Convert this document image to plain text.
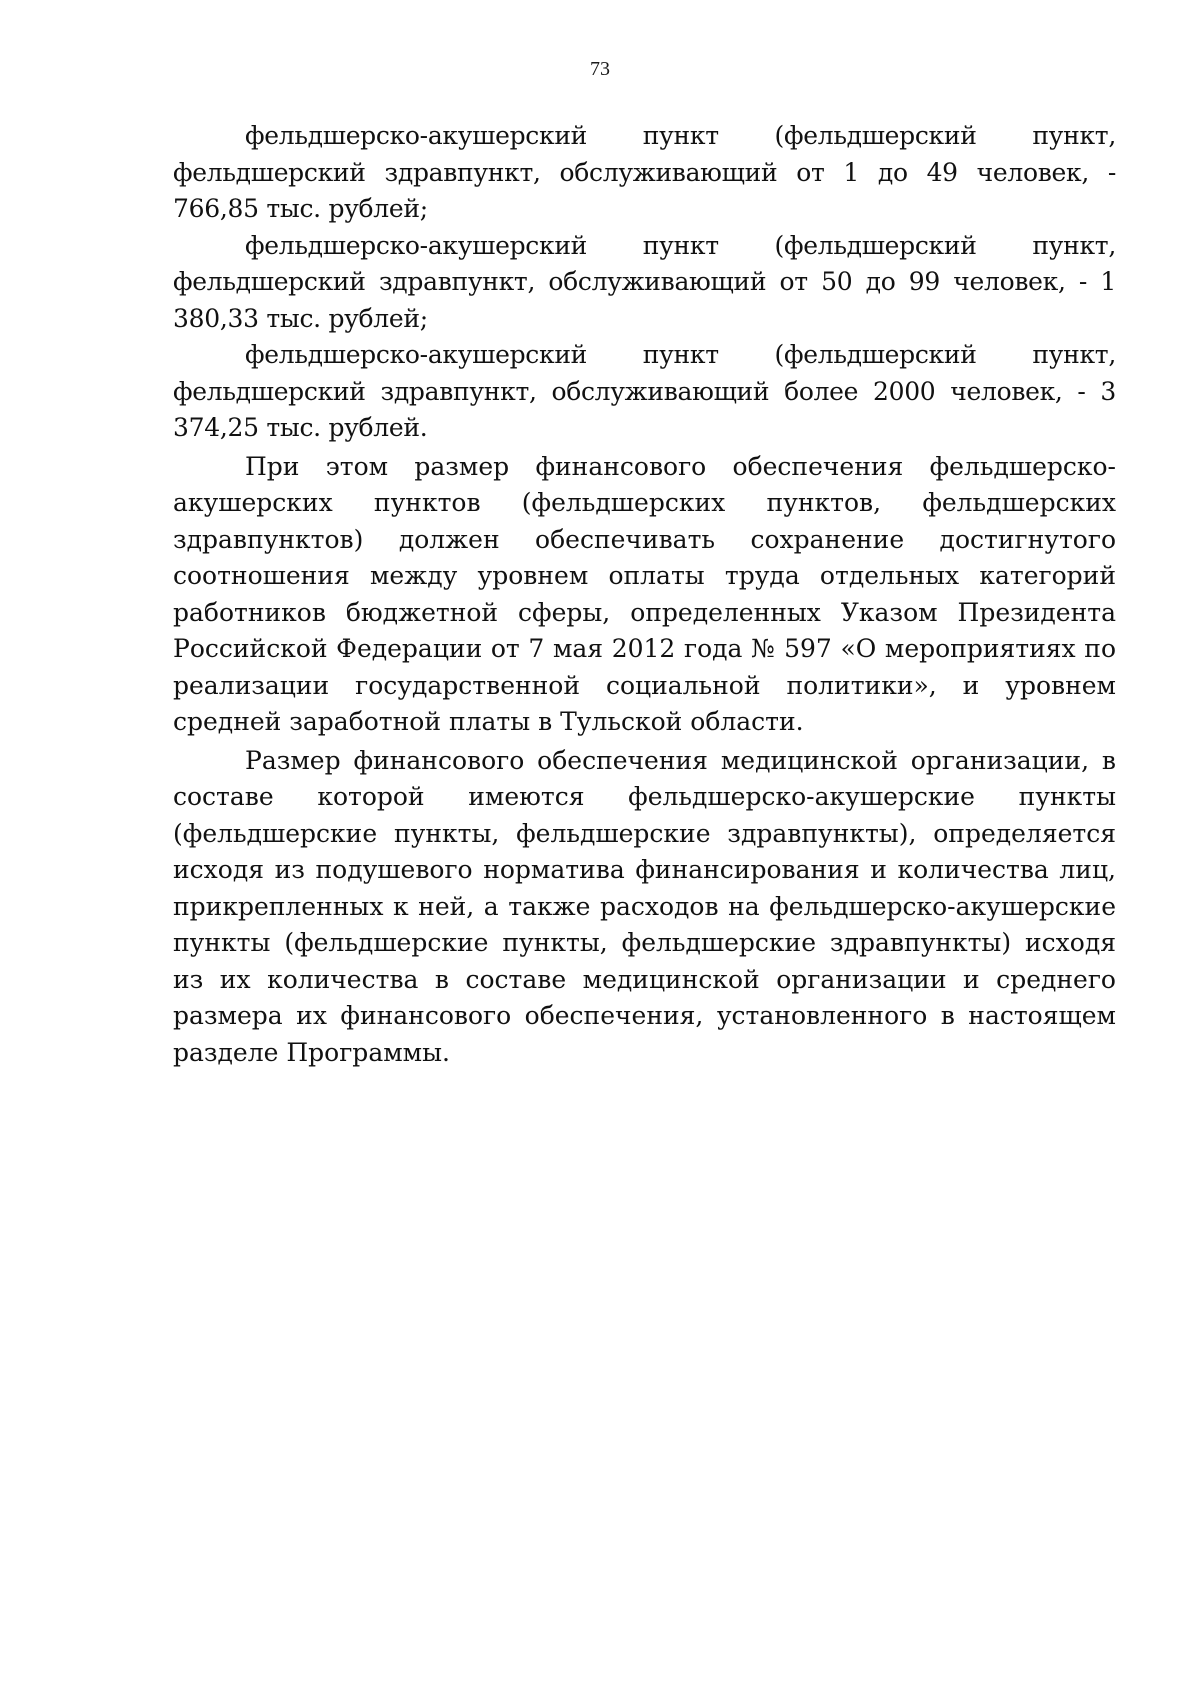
73

фельдшерско-акушерский пункт (фельдшерский пункт, фельдшерский здравпункт, обслуживающий от 1 до 49 человек, - 766,85 тыс. рублей;

фельдшерско-акушерский пункт (фельдшерский пункт, фельдшерский здравпункт, обслуживающий от 50 до 99 человек, - 1 380,33 тыс. рублей;

фельдшерско-акушерский пункт (фельдшерский пункт, фельдшерский здравпункт, обслуживающий более 2000 человек, - 3 374,25 тыс. рублей.

При этом размер финансового обеспечения фельдшерско-акушерских пунктов (фельдшерских пунктов, фельдшерских здравпунктов) должен обеспечивать сохранение достигнутого соотношения между уровнем оплаты труда отдельных категорий работников бюджетной сферы, определенных Указом Президента Российской Федерации от 7 мая 2012 года № 597 «О мероприятиях по реализации государственной социальной политики», и уровнем средней заработной платы в Тульской области.

Размер финансового обеспечения медицинской организации, в составе которой имеются фельдшерско-акушерские пункты (фельдшерские пункты, фельдшерские здравпункты), определяется исходя из подушевого норматива финансирования и количества лиц, прикрепленных к ней, а также расходов на фельдшерско-акушерские пункты (фельдшерские пункты, фельдшерские здравпункты) исходя из их количества в составе медицинской организации и среднего размера их финансового обеспечения, установленного в настоящем разделе Программы.
